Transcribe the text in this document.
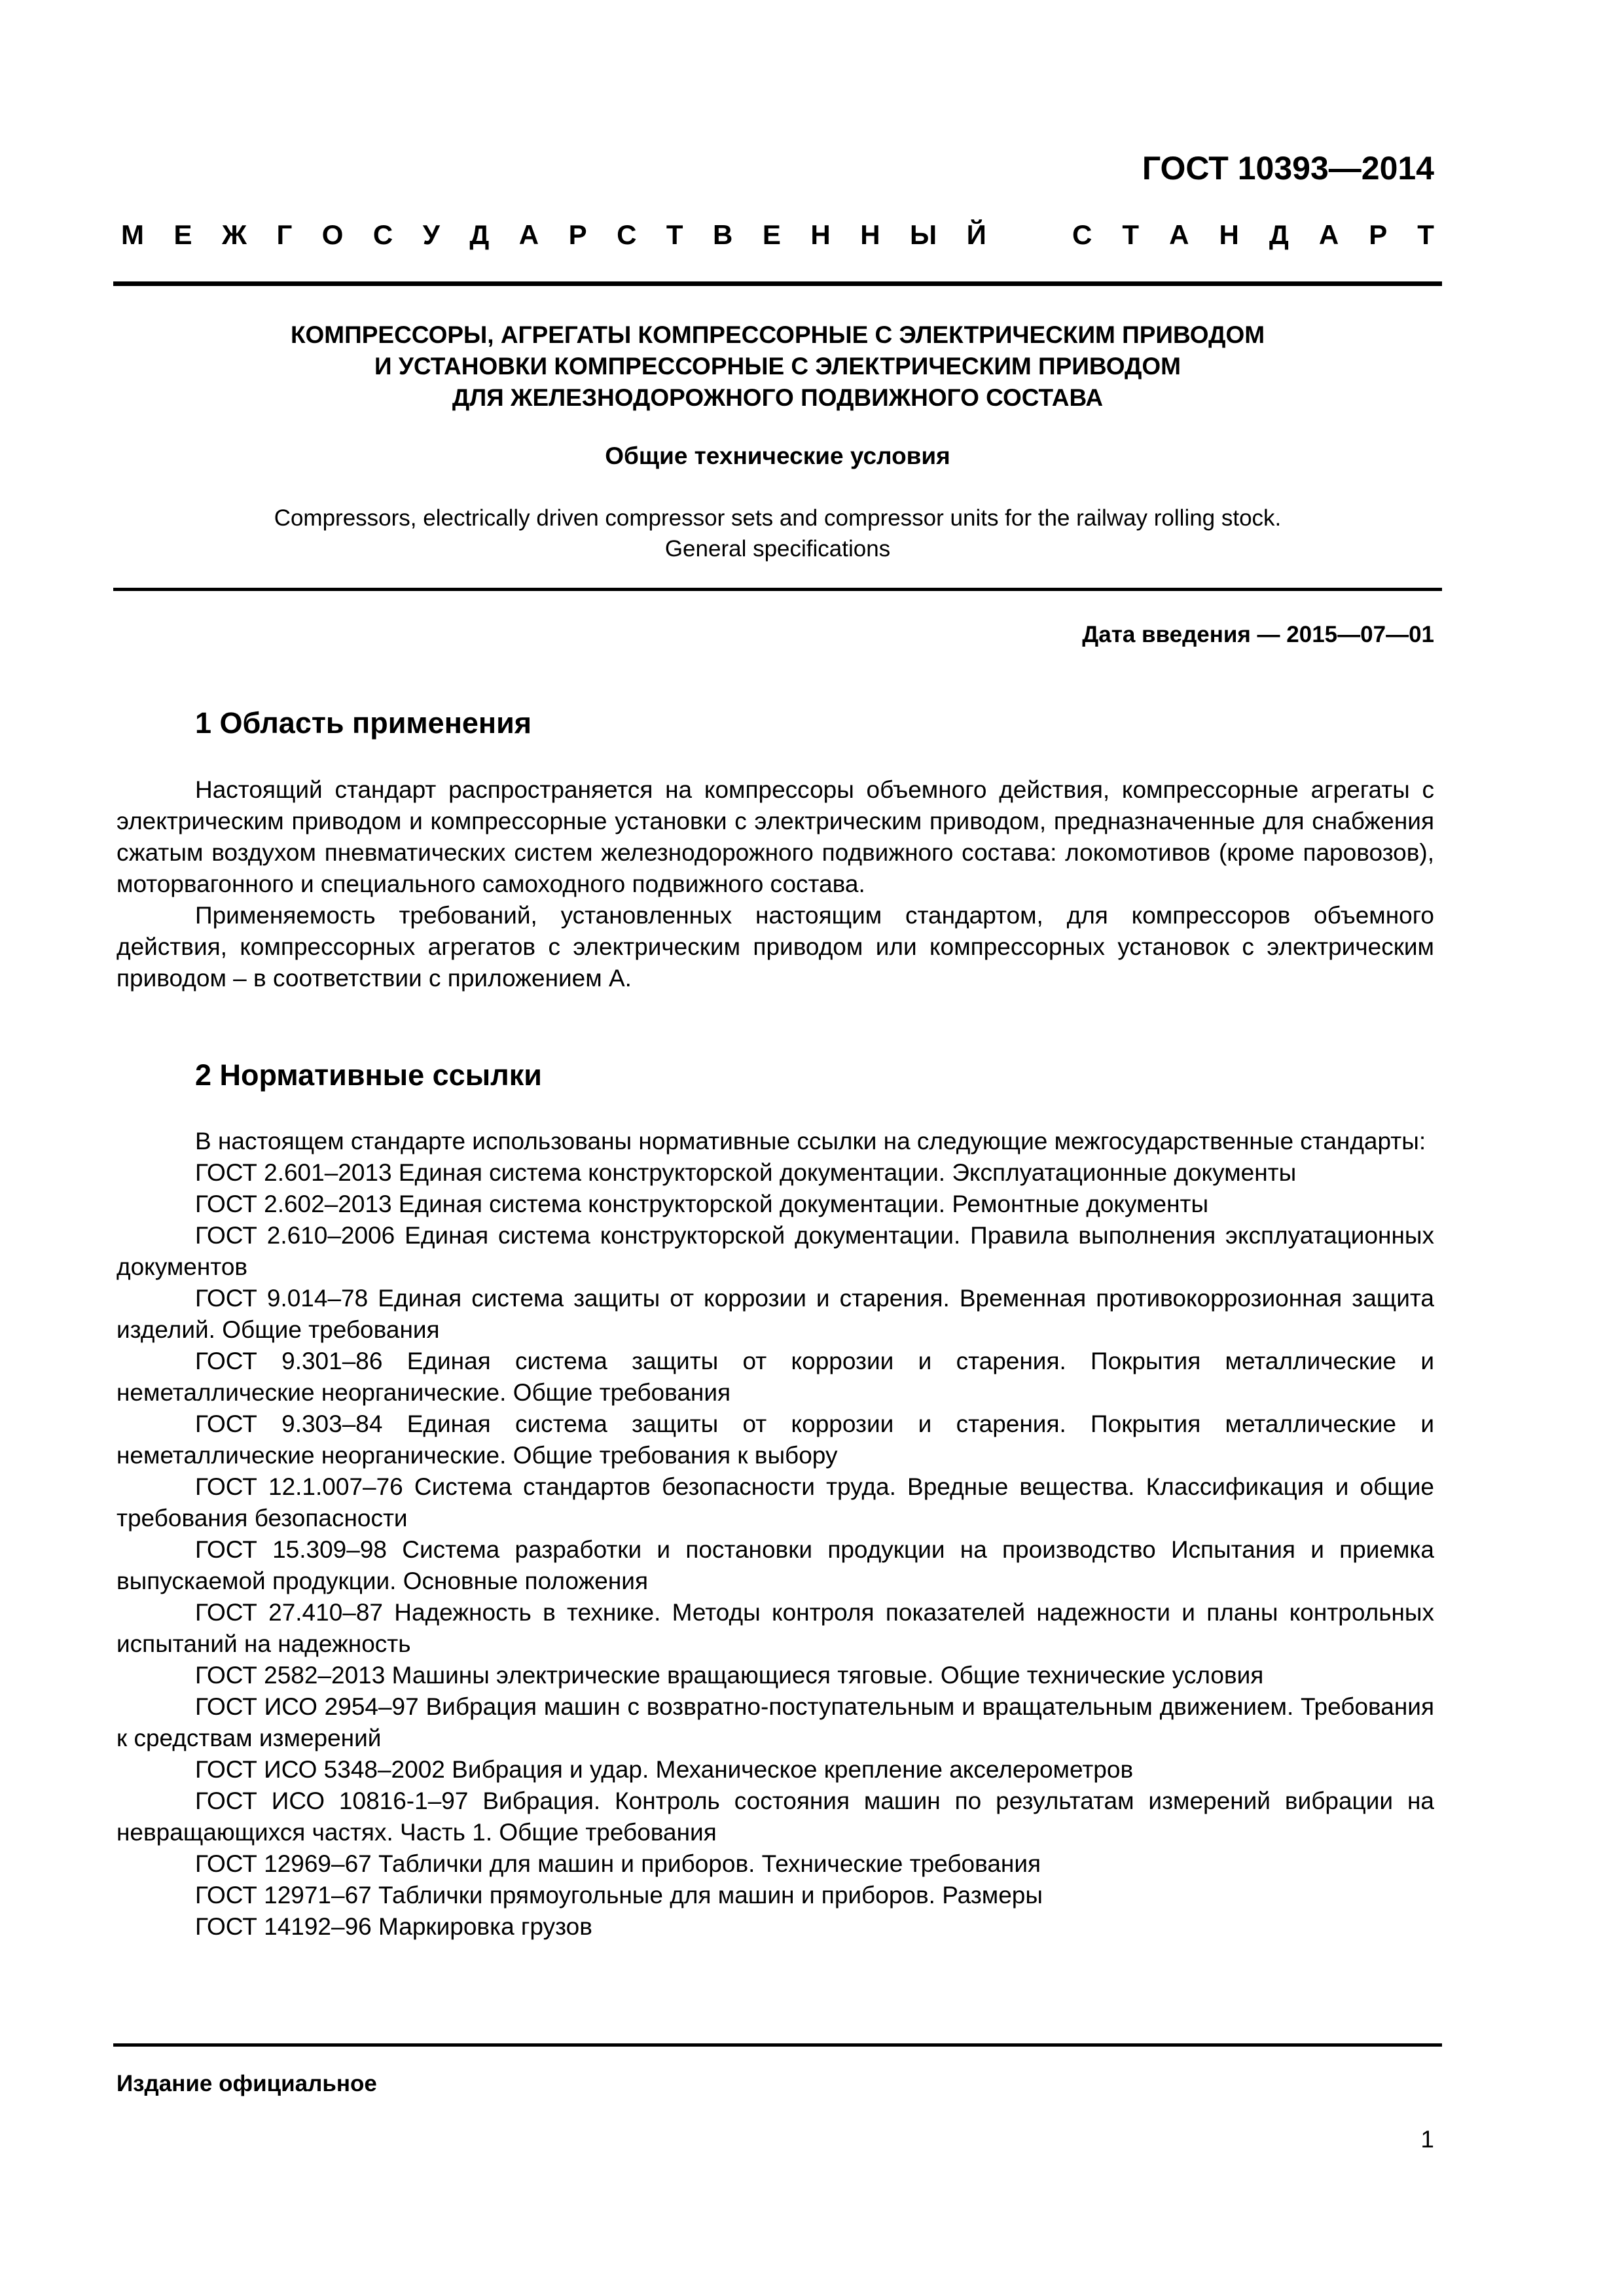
ГОСТ 10393—2014
М Е Ж Г О С У Д А Р С Т В Е Н Н Ы Й	С Т А Н Д А Р Т
КОМПРЕССОРЫ, АГРЕГАТЫ КОМПРЕССОРНЫЕ С ЭЛЕКТРИЧЕСКИМ ПРИВОДОМ
И УСТАНОВКИ КОМПРЕССОРНЫЕ С ЭЛЕКТРИЧЕСКИМ ПРИВОДОМ
ДЛЯ ЖЕЛЕЗНОДОРОЖНОГО ПОДВИЖНОГО СОСТАВА
Общие технические условия
Compressors, electrically driven compressor sets and compressor units for the railway rolling stock.
General specifications
Дата введения — 2015—07—01
1 Область применения

Настоящий стандарт распространяется на компрессоры объемного действия, компрессорные агрегаты с электрическим приводом и компрессорные установки с электрическим приводом, предназначенные для снабжения сжатым воздухом пневматических систем железнодорожного подвижного состава: локомотивов (кроме паровозов), моторвагонного и специального самоходного подвижного состава.

Применяемость требований, установленных настоящим стандартом, для компрессоров объемного действия, компрессорных агрегатов с электрическим приводом или компрессорных установок с электрическим приводом – в соответствии с приложением А.

2 Нормативные ссылки

В настоящем стандарте использованы нормативные ссылки на следующие межгосударственные стандарты:

ГОСТ 2.601–2013 Единая система конструкторской документации. Эксплуатационные документы

ГОСТ 2.602–2013 Единая система конструкторской документации. Ремонтные документы

ГОСТ 2.610–2006 Единая система конструкторской документации. Правила выполнения эксплуатационных документов

ГОСТ 9.014–78 Единая система защиты от коррозии и старения. Временная противокоррозионная защита изделий. Общие требования

ГОСТ 9.301–86 Единая система защиты от коррозии и старения. Покрытия металлические и неметаллические неорганические. Общие требования

ГОСТ 9.303–84 Единая система защиты от коррозии и старения. Покрытия металлические и неметаллические неорганические. Общие требования к выбору

ГОСТ 12.1.007–76 Система стандартов безопасности труда. Вредные вещества. Классификация и общие требования безопасности

ГОСТ 15.309–98 Система разработки и постановки продукции на производство Испытания и приемка выпускаемой продукции. Основные положения

ГОСТ 27.410–87 Надежность в технике. Методы контроля показателей надежности и планы контрольных испытаний на надежность

ГОСТ 2582–2013 Машины электрические вращающиеся тяговые. Общие технические условия

ГОСТ ИСО 2954–97 Вибрация машин с возвратно-поступательным и вращательным движением. Требования к средствам измерений

ГОСТ ИСО 5348–2002 Вибрация и удар. Механическое крепление акселерометров

ГОСТ ИСО 10816-1–97 Вибрация. Контроль состояния машин по результатам измерений вибрации на невращающихся частях. Часть 1. Общие требования

ГОСТ 12969–67 Таблички для машин и приборов. Технические требования

ГОСТ 12971–67 Таблички прямоугольные для машин и приборов. Размеры

ГОСТ 14192–96 Маркировка грузов

Издание официальное
1
